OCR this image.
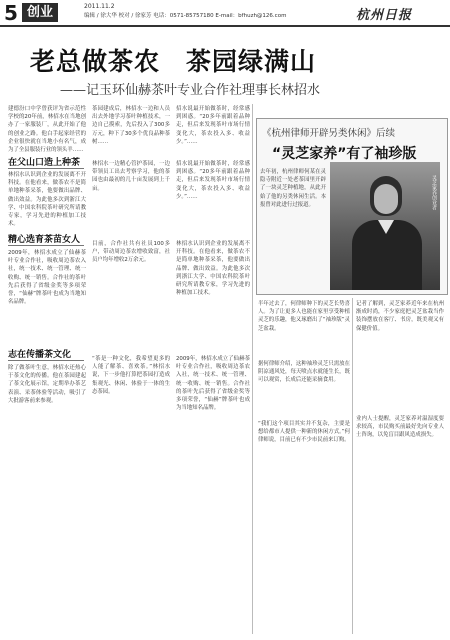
5 创业	2011.11.2
编辑 / 徐大华 校对 / 徐家芳 电话：0571-85757180 E-mail：bfhuzh@126.com	杭州日报
老总做茶农　茶园绿满山
——记玉环仙赫茶叶专业合作社理事长林招水
建德汾口中学曾获评为省示范性学校的20年前，林招水在当地创办了一家服装厂，从此开始了他的创业之路。他白手起家经营的企业很快就在当地小有名气，成为了全县服装行业的领头羊……
茶园建成后，林招水一边和人员出去外地学习茶叶种植技术，一边自己摸索，先后投入了300多万元，种下了30多个优良品种茶树……
招水说最开始做茶时，经常感到困惑。“20多年前跟着品种走，但后来发现茶叶市场行情变化大，茶农投入多、收益少。”……
在父山口造上种茶
林招水认识到企业的发展离不开科技。在他看来，做茶农不是简单地种茶采茶，他要做出品牌、做出效益。为此他多次到浙江大学、中国农科院茶叶研究所请教专家，学习先进的种植加工技术。
林招水一边精心管护茶园，一边带领员工出去考察学习，他的茶园也由最初的几十亩发展到上千亩。
招水说最开始做茶时，经常感到困惑。“20多年前跟着品种走，但后来发现茶叶市场行情变化大，茶农投入多、收益少。”……
精心选育茶苗女人
2009年，林招水成立了仙赫茶叶专业合作社，吸收周边茶农入社，统一技术、统一管理、统一收购、统一销售。合作社的茶叶先后获得了省级金奖等多项荣誉，“仙赫”牌茶叶也成为当地知名品牌。
目前，合作社共有社员100多户，带动周边茶农增收致富，社员户均年增收2万余元。
林招水认识到企业的发展离不开科技。在他看来，做茶农不是简单地种茶采茶，他要做出品牌、做出效益。为此他多次到浙江大学、中国农科院茶叶研究所请教专家，学习先进的种植加工技术。
志在传播茶文化
除了做茶叶生意，林招水还热心于茶文化的传播。他在茶园建起了茶文化展示馆，定期举办茶艺表演、采茶体验等活动，吸引了大批游客前来参观。
“茶是一种文化，我希望更多的人能了解茶、喜欢茶。”林招水说，下一步他打算把茶园打造成集观光、休闲、体验于一体的生态茶园。
2009年，林招水成立了仙赫茶叶专业合作社，吸收周边茶农入社，统一技术、统一管理、统一收购、统一销售。合作社的茶叶先后获得了省级金奖等多项荣誉，“仙赫”牌茶叶也成为当地知名品牌。
《杭州律师开辟另类休闲》后续
“灵芝家养”有了袖珍版
灵芝家养创业者
去年初，杭州律师何某在灵隐寺附近一处老茶园里开辟了一块灵芝种植地，从此开始了他的另类休闲生活。本报曾对此进行过报道。
半年过去了，何律师种下的灵芝长势喜人。为了让更多人也能在家里享受种植灵芝的乐趣，他又琢磨出了“袖珍版”灵芝盆栽。
据何律师介绍，这种袖珍灵芝只需放在阴凉通风处，每天喷点水就能生长，既可以观赏，长成后还能采摘食用。
“我们这个项目其实并不复杂，主要是想给都市人提供一种新的休闲方式。”何律师说，目前已有不少市民前来订购。
记者了解到，灵芝家养近年来在杭州渐成时尚，不少家庭把灵芝盆栽当作装饰摆放在客厅、书房，既美观又有保健价值。
业内人士提醒，灵芝家养对温湿度要求较高，市民购买前最好先向专业人士咨询，以免盲目跟风造成损失。
